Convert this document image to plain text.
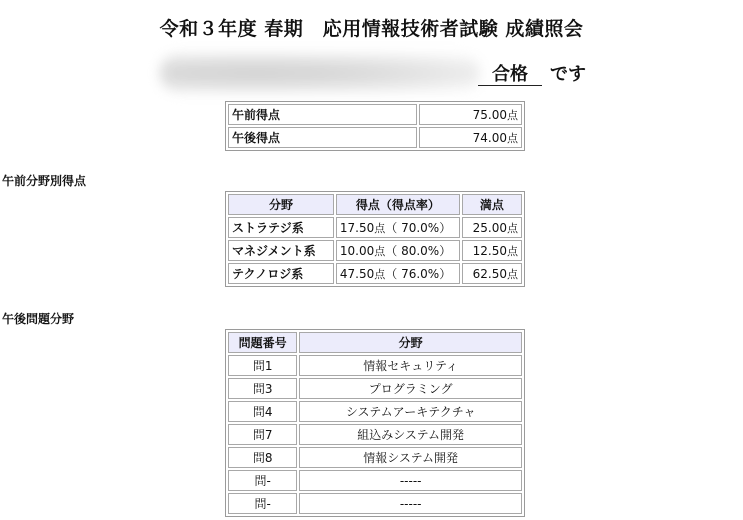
令和３年度 春期　応用情報技術者試験 成績照会
合格 です
午前得点	75.00点
午後得点	74.00点
午前分野別得点
分野	得点（得点率）	満点
ストラテジ系	17.50点（ 70.0%）	25.00点
マネジメント系	10.00点（ 80.0%）	12.50点
テクノロジ系	47.50点（ 76.0%）	62.50点
午後問題分野
問題番号	分野
問1	情報セキュリティ
問3	プログラミング
問4	システムアーキテクチャ
問7	組込みシステム開発
問8	情報システム開発
問-	-----
問-	-----
